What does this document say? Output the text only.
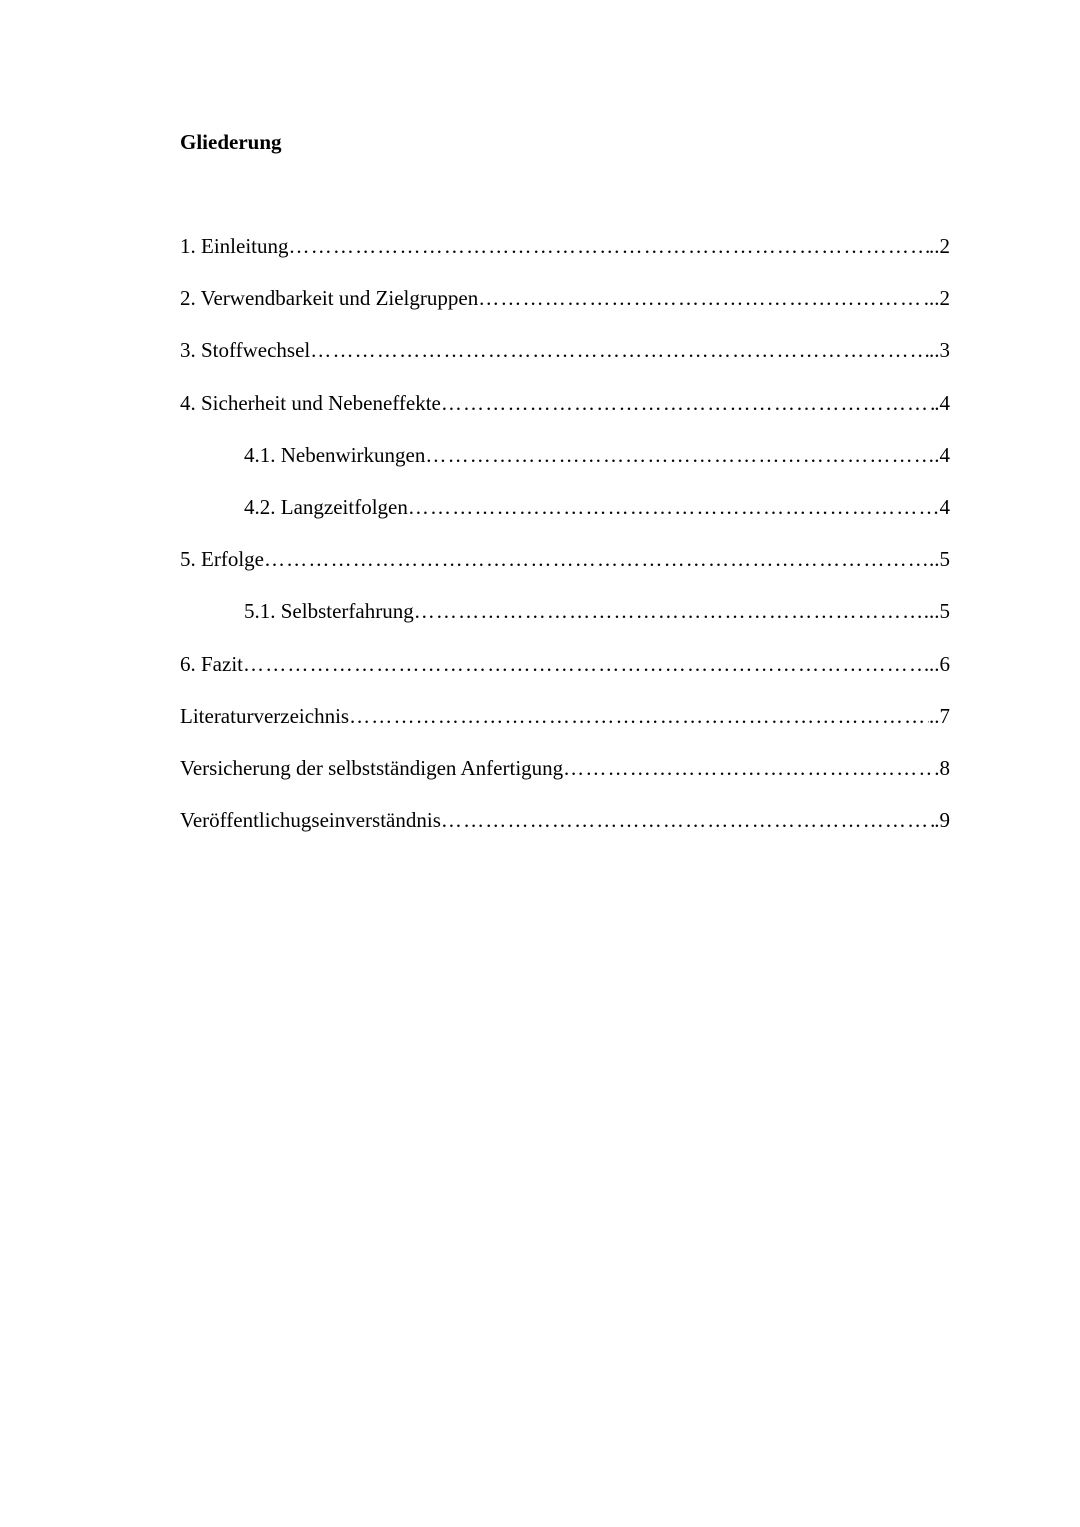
Gliederung
1. Einleitung …………………………………………………………………………………………………………………………………………………………………………………………………………	..2
2. Verwendbarkeit und Zielgruppen …………………………………………………………………………………………………………………………………………………………………………………………………………	...2
3. Stoffwechsel …………………………………………………………………………………………………………………………………………………………………………………………………………	..3
4. Sicherheit und Nebeneffekte …………………………………………………………………………………………………………………………………………………………………………………………………………	.4
4.1. Nebenwirkungen …………………………………………………………………………………………………………………………………………………………………………………………………………	.4
4.2. Langzeitfolgen …………………………………………………………………………………………………………………………………………………………………………………………………………	4
5. Erfolge …………………………………………………………………………………………………………………………………………………………………………………………………………	..5
5.1. Selbsterfahrung …………………………………………………………………………………………………………………………………………………………………………………………………………	...5
6. Fazit …………………………………………………………………………………………………………………………………………………………………………………………………………	..6
Literaturverzeichnis …………………………………………………………………………………………………………………………………………………………………………………………………………	..7
Versicherung der selbstständigen Anfertigung …………………………………………………………………………………………………………………………………………………………………………………………………………	.8
Veröffentlichugseinverständnis …………………………………………………………………………………………………………………………………………………………………………………………………………	.9
